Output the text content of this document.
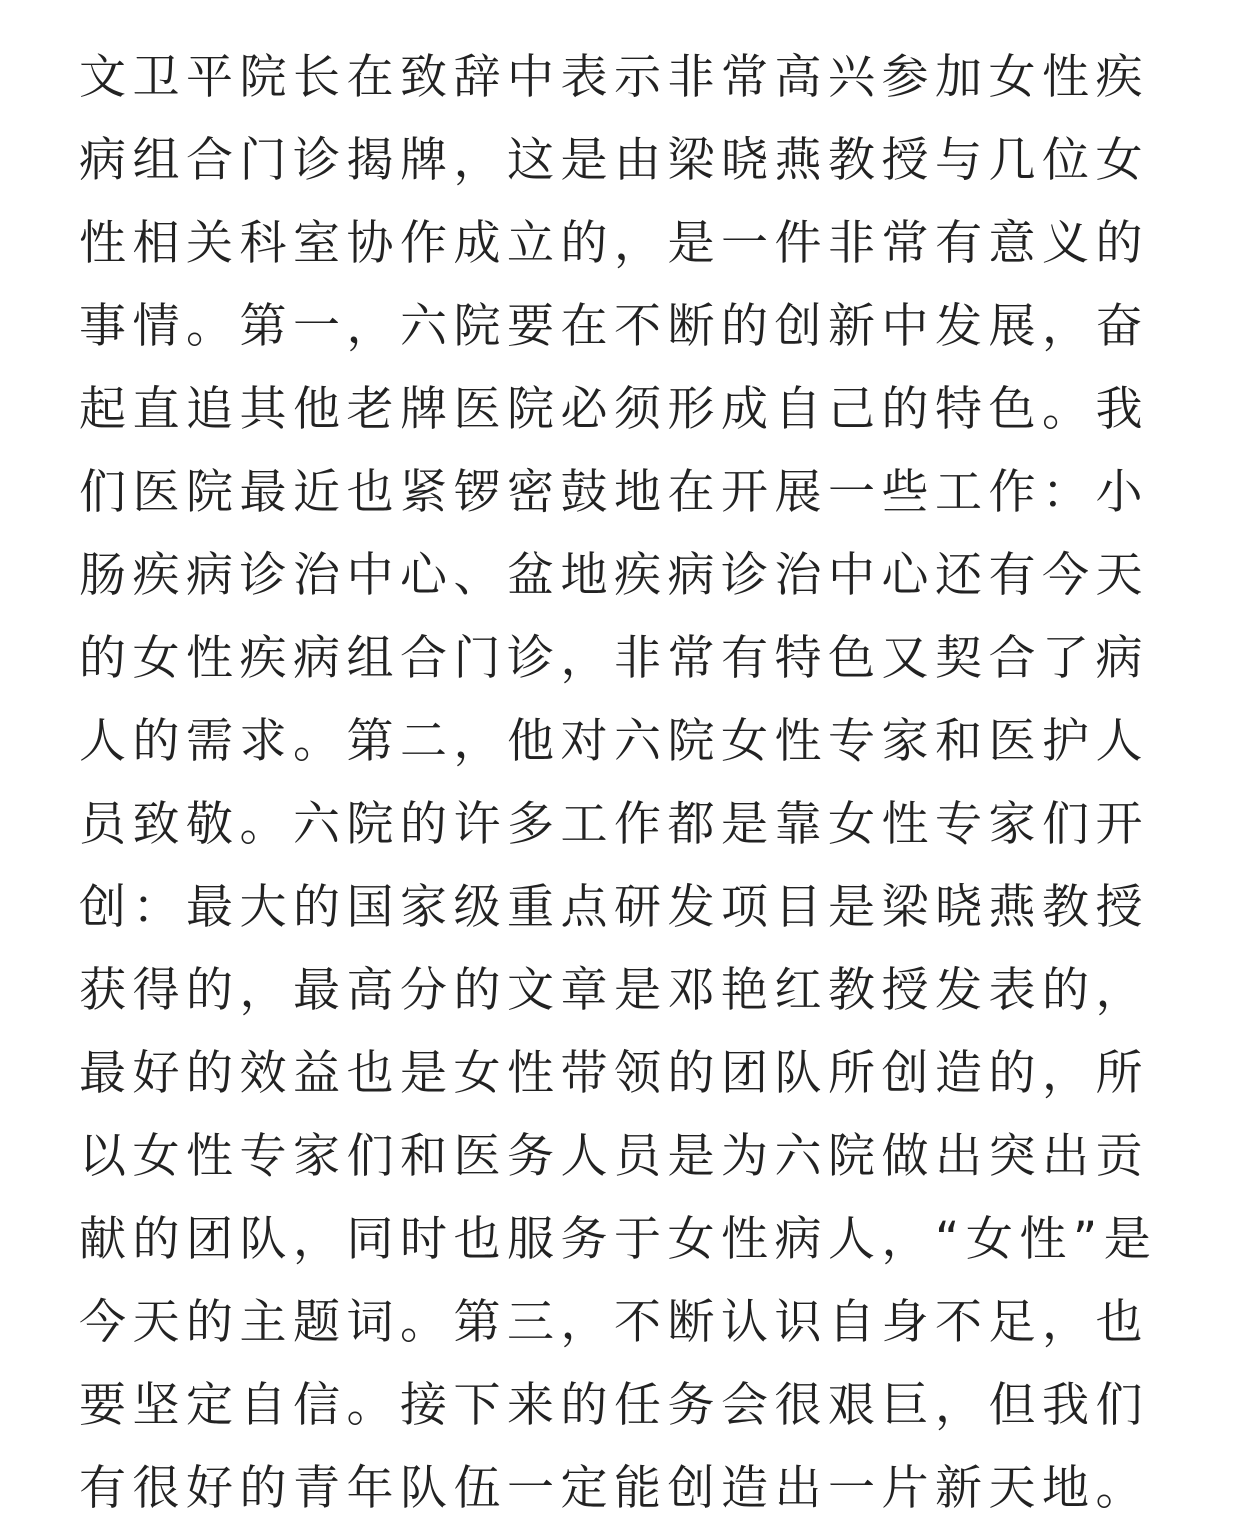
文卫平院长在致辞中表示非常高兴参加女性疾
病组合门诊揭牌，这是由梁晓燕教授与几位女
性相关科室协作成立的，是一件非常有意义的
事情。第一，六院要在不断的创新中发展，奋
起直追其他老牌医院必须形成自己的特色。我
们医院最近也紧锣密鼓地在开展一些工作：小
肠疾病诊治中心、盆地疾病诊治中心还有今天
的女性疾病组合门诊，非常有特色又契合了病
人的需求。第二，他对六院女性专家和医护人
员致敬。六院的许多工作都是靠女性专家们开
创：最大的国家级重点研发项目是梁晓燕教授
获得的，最高分的文章是邓艳红教授发表的，
最好的效益也是女性带领的团队所创造的，所
以女性专家们和医务人员是为六院做出突出贡
献的团队，同时也服务于女性病人，“女性”是
今天的主题词。第三，不断认识自身不足，也
要坚定自信。接下来的任务会很艰巨，但我们
有很好的青年队伍一定能创造出一片新天地。
